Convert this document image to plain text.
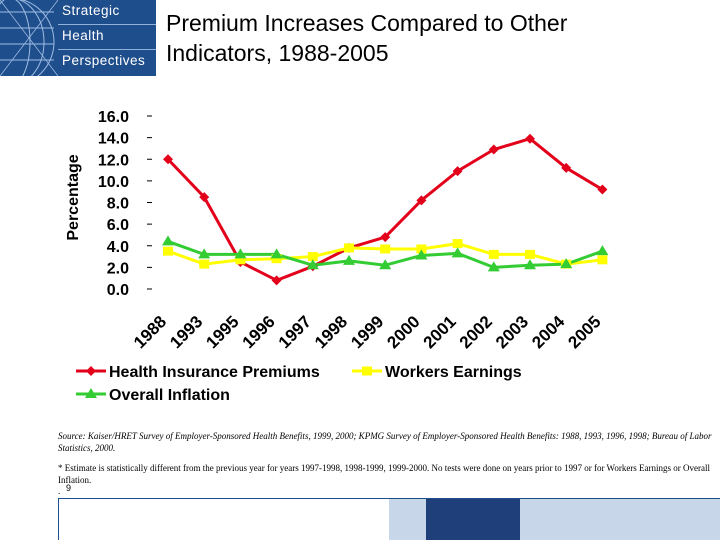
Strategic
Health
Perspectives
Premium Increases Compared to Other
Indicators, 1988-2005
Percentage
16.0
14.0
12.0
10.0
8.0
6.0
4.0
2.0
0.0
1988
1993
1995
1996
1997
1998
1999
2000
2001
2002
2003
2004
2005
Health Insurance Premiums	Workers Earnings
Overall Inflation
Source: Kaiser/HRET Survey of Employer-Sponsored Health Benefits, 1999, 2000; KPMG Survey of Employer-Sponsored Health Benefits: 1988, 1993, 1996, 1998; Bureau of Labor Statistics, 2000.
* Estimate is statistically different from the previous year for years 1997-1998, 1998-1999, 1999-2000. No tests were done on years prior to 1997 or for Workers Earnings or Overall Inflation.
. 9
